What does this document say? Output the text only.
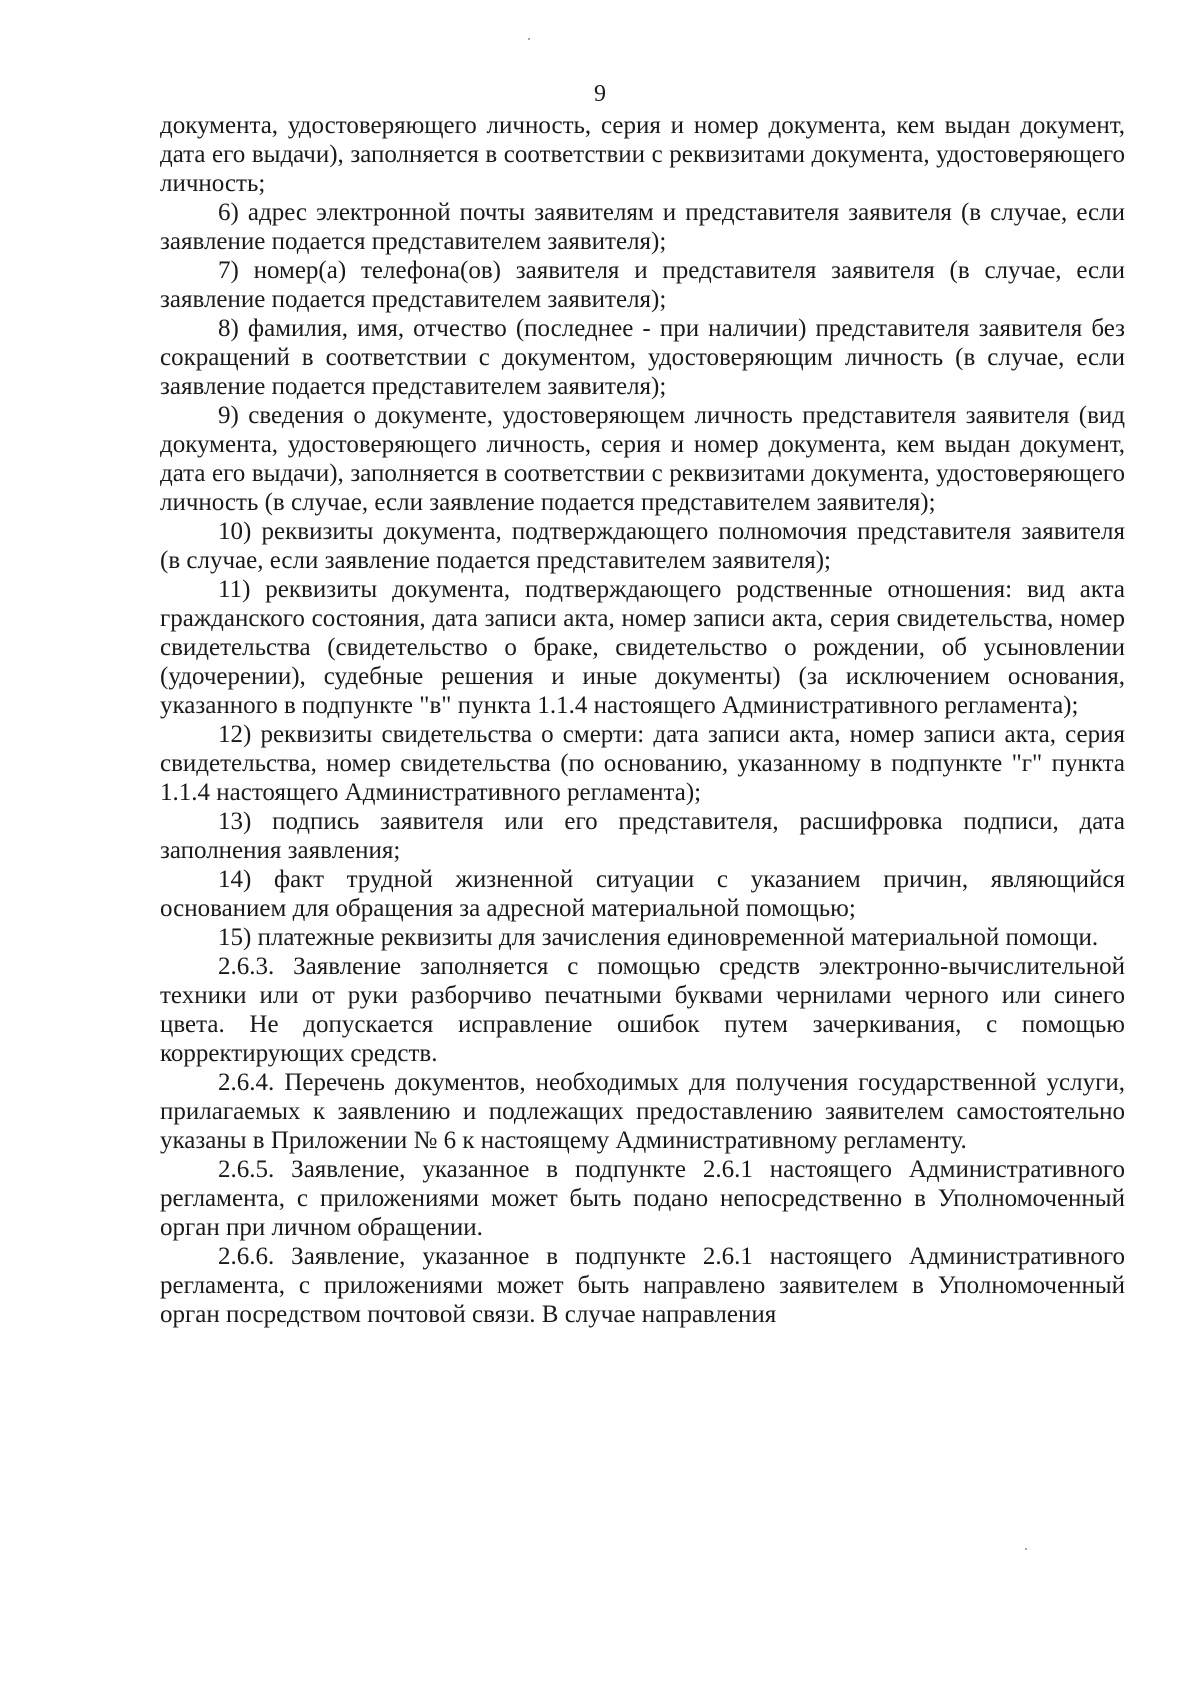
9

документа, удостоверяющего личность, серия и номер документа, кем выдан документ, дата его выдачи), заполняется в соответствии с реквизитами документа, удостоверяющего личность;

6) адрес электронной почты заявителям и представителя заявителя (в случае, если заявление подается представителем заявителя);

7) номер(а) телефона(ов) заявителя и представителя заявителя (в случае, если заявление подается представителем заявителя);

8) фамилия, имя, отчество (последнее - при наличии) представителя заявителя без сокращений в соответствии с документом, удостоверяющим личность (в случае, если заявление подается представителем заявителя);

9) сведения о документе, удостоверяющем личность представителя заявителя (вид документа, удостоверяющего личность, серия и номер документа, кем выдан документ, дата его выдачи), заполняется в соответствии с реквизитами документа, удостоверяющего личность (в случае, если заявление подается представителем заявителя);

10) реквизиты документа, подтверждающего полномочия представителя заявителя (в случае, если заявление подается представителем заявителя);

11) реквизиты документа, подтверждающего родственные отношения: вид акта гражданского состояния, дата записи акта, номер записи акта, серия свидетельства, номер свидетельства (свидетельство о браке, свидетельство о рождении, об усыновлении (удочерении), судебные решения и иные документы) (за исключением основания, указанного в подпункте "в" пункта 1.1.4 настоящего Административного регламента);

12) реквизиты свидетельства о смерти: дата записи акта, номер записи акта, серия свидетельства, номер свидетельства (по основанию, указанному в подпункте "г" пункта 1.1.4 настоящего Административного регламента);

13) подпись заявителя или его представителя, расшифровка подписи, дата заполнения заявления;

14) факт трудной жизненной ситуации с указанием причин, являющийся основанием для обращения за адресной материальной помощью;

15) платежные реквизиты для зачисления единовременной материальной помощи.

2.6.3. Заявление заполняется с помощью средств электронно-вычислительной техники или от руки разборчиво печатными буквами чернилами черного или синего цвета. Не допускается исправление ошибок путем зачеркивания, с помощью корректирующих средств.

2.6.4. Перечень документов, необходимых для получения государственной услуги, прилагаемых к заявлению и подлежащих предоставлению заявителем самостоятельно указаны в Приложении № 6 к настоящему Административному регламенту.

2.6.5. Заявление, указанное в подпункте 2.6.1 настоящего Административного регламента, с приложениями может быть подано непосредственно в Уполномоченный орган при личном обращении.

2.6.6. Заявление, указанное в подпункте 2.6.1 настоящего Административного регламента, с приложениями может быть направлено заявителем в Уполномоченный орган посредством почтовой связи. В случае направления
